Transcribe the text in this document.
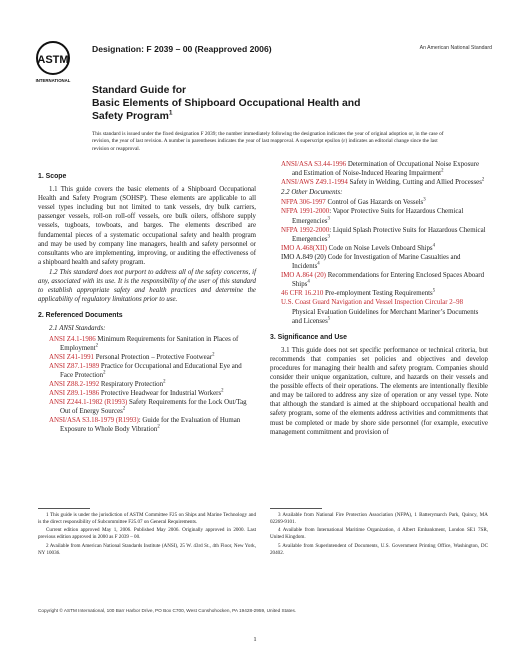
ASTM
INTERNATIONAL
Designation: F 2039 – 00 (Reapproved 2006)	An American National Standard
Standard Guide for
Basic Elements of Shipboard Occupational Health and
Safety Program$^1$
This standard is issued under the fixed designation F 2039; the number immediately following the designation indicates the year of original adoption or, in the case of revision, the year of last revision. A number in parentheses indicates the year of last reapproval. A superscript epsilon (ε) indicates an editorial change since the last revision or reapproval.
1. Scope
1.1 This guide covers the basic elements of a Shipboard Occupational Health and Safety Program (SOHSP). These elements are applicable to all vessel types including but not limited to tank vessels, dry bulk carriers, passenger vessels, roll-on roll-off vessels, ore bulk oilers, offshore supply vessels, tugboats, towboats, and barges. The elements described are fundamental pieces of a systematic occupational safety and health program and may be used by company line managers, health and safety personnel or consultants who are implementing, improving, or auditing the effectiveness of a shipboard health and safety program.
1.2 This standard does not purport to address all of the safety concerns, if any, associated with its use. It is the responsibility of the user of this standard to establish appropriate safety and health practices and determine the applicability of regulatory limitations prior to use.
2. Referenced Documents
2.1 ANSI Standards:
ANSI Z4.1-1986 Minimum Requirements for Sanitation in Places of Employment$^2$
ANSI Z41-1991 Personal Protection – Protective Footwear$^2$
ANSI Z87.1-1989 Practice for Occupational and Educational Eye and Face Protection$^2$
ANSI Z88.2-1992 Respiratory Protection$^2$
ANSI Z89.1-1986 Protective Headwear for Industrial Workers$^2$
ANSI Z244.1-1982 (R1993) Safety Requirements for the Lock Out/Tag Out of Energy Sources$^2$
ANSI/ASA S3.18-1979 (R1993): Guide for the Evaluation of Human Exposure to Whole Body Vibration$^2$
ANSI/ASA S3.44-1996 Determination of Occupational Noise Exposure and Estimation of Noise-Induced Hearing Impairment$^2$
ANSI/AWS Z49.1-1994 Safety in Welding, Cutting and Allied Processes$^2$
2.2 Other Documents:
NFPA 306-1997 Control of Gas Hazards on Vessels$^3$
NFPA 1991-2000: Vapor Protective Suits for Hazardous Chemical Emergencies$^3$
NFPA 1992-2000: Liquid Splash Protective Suits for Hazardous Chemical Emergencies$^3$
IMO A.468(XII) Code on Noise Levels Onboard Ships$^4$
IMO A.849 (20) Code for Investigation of Marine Casualties and Incidents$^4$
IMO A.864 (20) Recommendations for Entering Enclosed Spaces Aboard Ships$^4$
46 CFR 16.210 Pre-employment Testing Requirements$^5$
U.S. Coast Guard Navigation and Vessel Inspection Circular 2–98 Physical Evaluation Guidelines for Merchant Mariner’s Documents and Licenses$^5$
3. Significance and Use
3.1 This guide does not set specific performance or technical criteria, but recommends that companies set policies and objectives and develop procedures for managing their health and safety program. Companies should consider their unique organization, culture, and hazards on their vessels and the possible effects of their operations. The elements are intentionally flexible and may be tailored to address any size of operation or any vessel type. Note that although the standard is aimed at the shipboard occupational health and safety program, some of the elements address activities and commitments that must be completed or made by shore side personnel (for example, executive management commitment and provision of

1 This guide is under the jurisdiction of ASTM Committee F25 on Ships and Marine Technology and is the direct responsibility of Subcommittee F25.07 on General Requirements.

Current edition approved May 1, 2006. Published May 2006. Originally approved in 2000. Last previous edition approved in 2000 as F 2039 – 00.

2 Available from American National Standards Institute (ANSI), 25 W. 43rd St., 4th Floor, New York, NY 10036.

3 Available from National Fire Protection Association (NFPA), 1 Batterymarch Park, Quincy, MA 02269-9101.

4 Available from International Maritime Organization, 4 Albert Embankment, London SE1 7SR, United Kingdom.

5 Available from Superintendent of Documents, U.S. Government Printing Office, Washington, DC 20402.

Copyright © ASTM International, 100 Barr Harbor Drive, PO Box C700, West Conshohocken, PA 19428-2959, United States.
1
